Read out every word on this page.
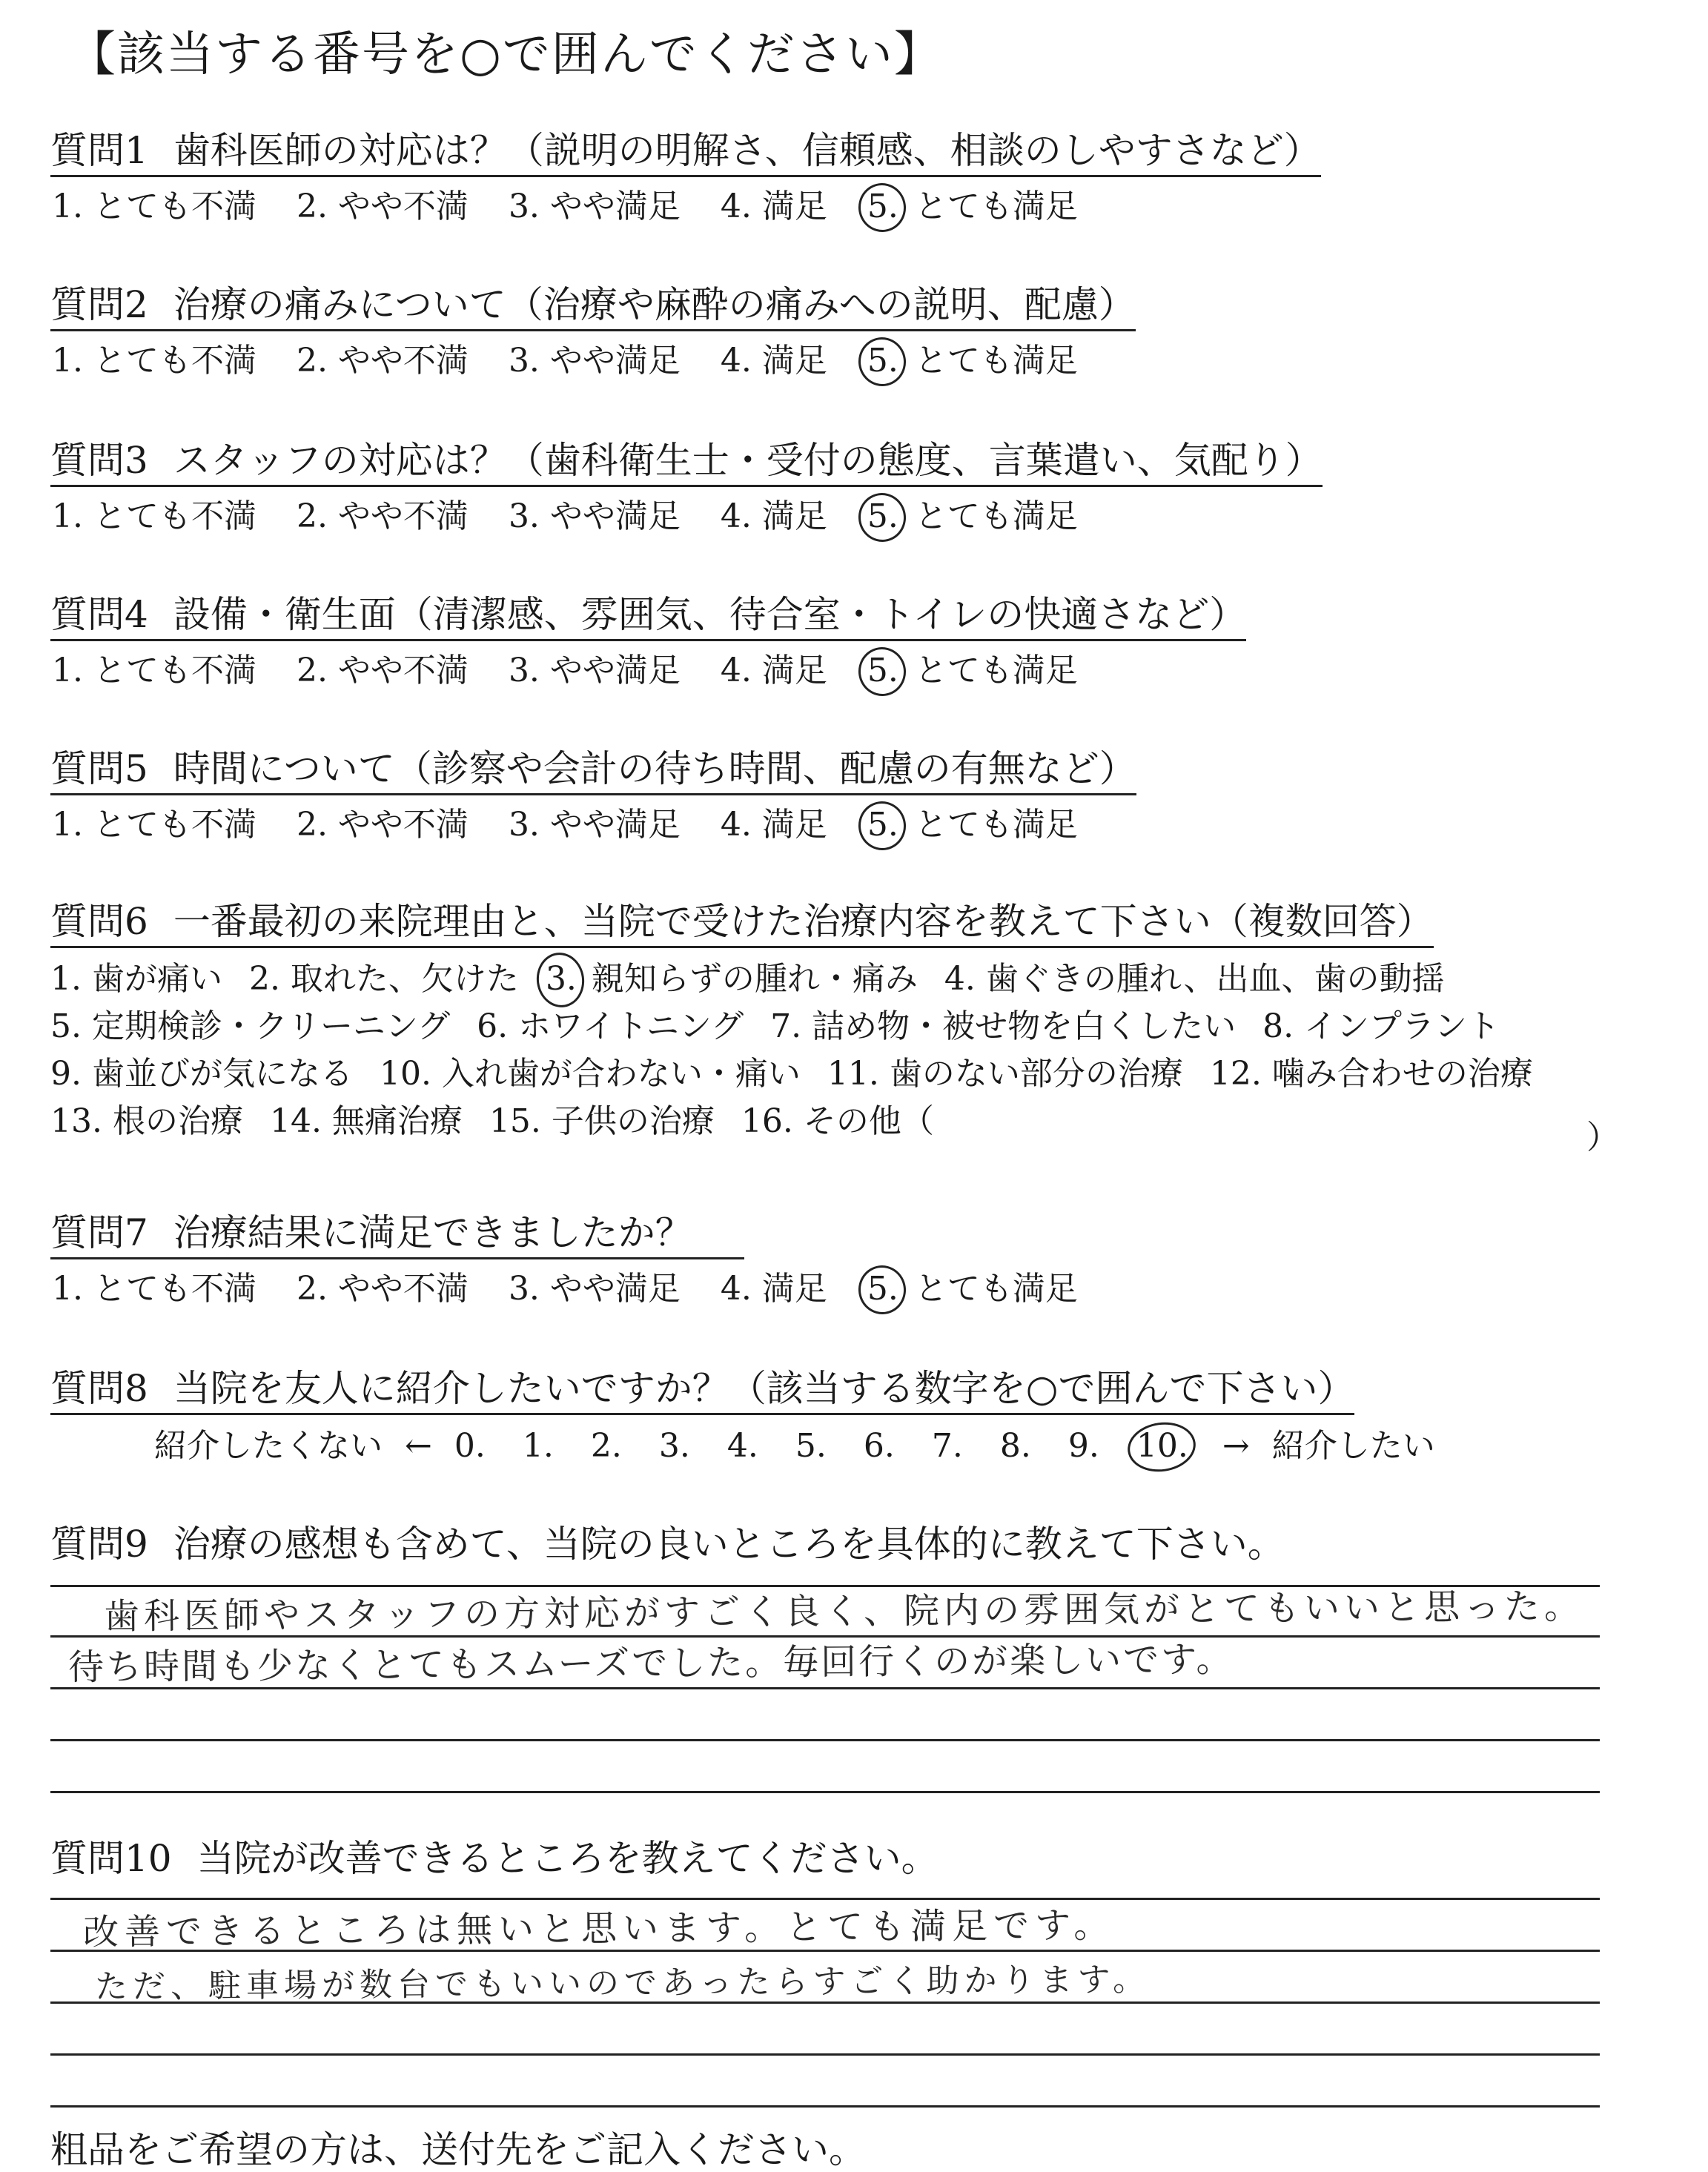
【該当する番号を○で囲んでください】
質問1 歯科医師の対応は？（説明の明解さ、信頼感、相談のしやすさなど）
1. とても不満 2. やや不満 3. やや満足 4. 満足 5. とても満足
質問2 治療の痛みについて（治療や麻酔の痛みへの説明、配慮）
1. とても不満 2. やや不満 3. やや満足 4. 満足 5. とても満足
質問3 スタッフの対応は？（歯科衛生士・受付の態度、言葉遣い、気配り）
1. とても不満 2. やや不満 3. やや満足 4. 満足 5. とても満足
質問4 設備・衛生面（清潔感、雰囲気、待合室・トイレの快適さなど）
1. とても不満 2. やや不満 3. やや満足 4. 満足 5. とても満足
質問5 時間について（診察や会計の待ち時間、配慮の有無など）
1. とても不満 2. やや不満 3. やや満足 4. 満足 5. とても満足
質問6 一番最初の来院理由と、当院で受けた治療内容を教えて下さい（複数回答）
1. 歯が痛い 2. 取れた、欠けた 3. 親知らずの腫れ・痛み 4. 歯ぐきの腫れ、出血、歯の動揺
5. 定期検診・クリーニング 6. ホワイトニング 7. 詰め物・被せ物を白くしたい 8. インプラント
9. 歯並びが気になる 10. 入れ歯が合わない・痛い 11. 歯のない部分の治療 12. 噛み合わせの治療
13. 根の治療 14. 無痛治療 15. 子供の治療 16. その他（	）
質問7 治療結果に満足できましたか？
1. とても不満 2. やや不満 3. やや満足 4. 満足 5. とても満足
質問8 当院を友人に紹介したいですか？（該当する数字を○で囲んで下さい）
紹介したくない ← 0. 1. 2. 3. 4. 5. 6. 7. 8. 9. 10. → 紹介したい
質問9 治療の感想も含めて、当院の良いところを具体的に教えて下さい。
歯科医師やスタッフの方対応がすごく良く、院内の雰囲気がとてもいいと思った。
待ち時間も少なくとてもスムーズでした。毎回行くのが楽しいです。
質問10 当院が改善できるところを教えてください。
改善できるところは無いと思います。とても満足です。
ただ、駐車場が数台でもいいのであったらすごく助かります。
粗品をご希望の方は、送付先をご記入ください。
